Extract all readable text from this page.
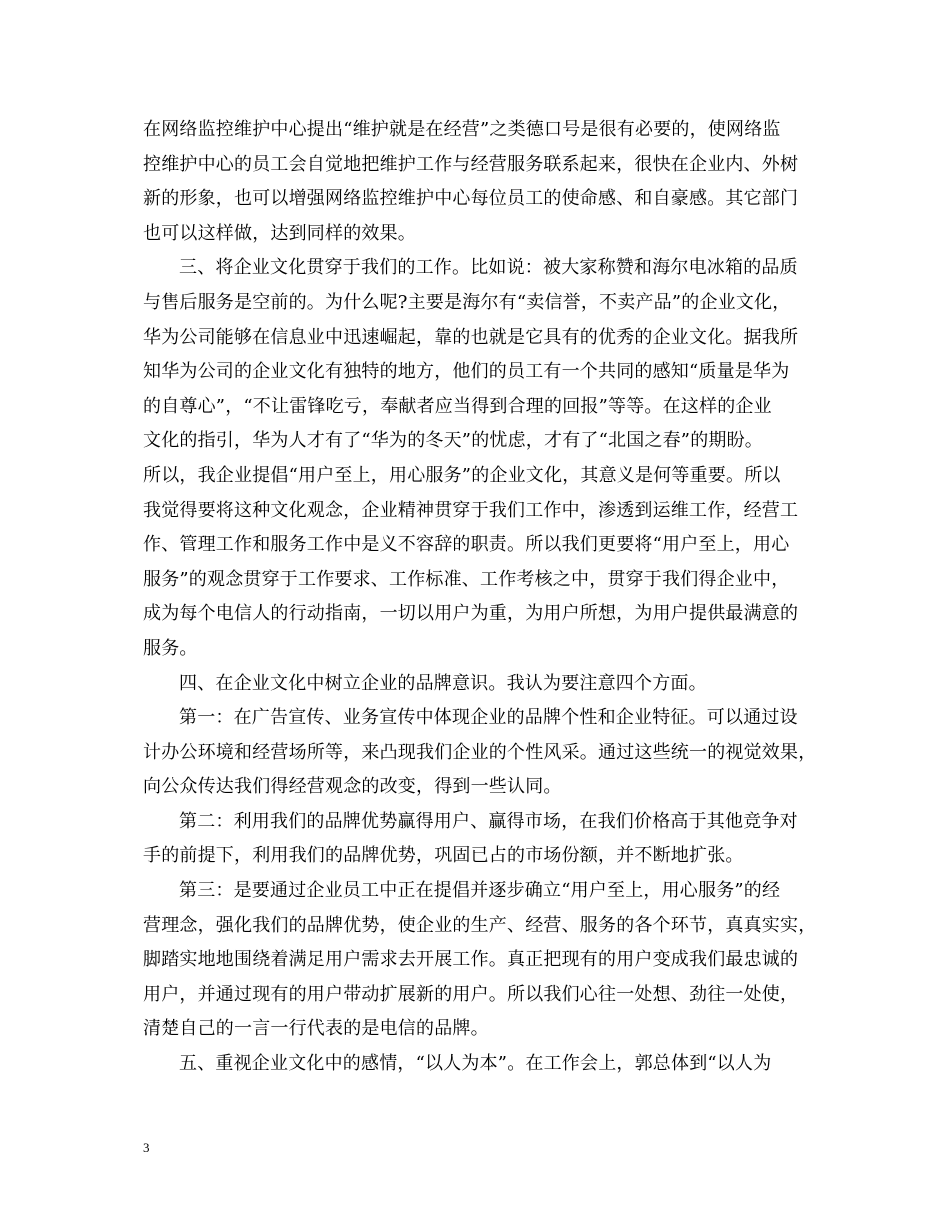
在网络监控维护中心提出“维护就是在经营”之类德口号是很有必要的，使网络监
控维护中心的员工会自觉地把维护工作与经营服务联系起来，很快在企业内、外树
新的形象，也可以增强网络监控维护中心每位员工的使命感、和自豪感。其它部门
也可以这样做，达到同样的效果。
三、将企业文化贯穿于我们的工作。比如说：被大家称赞和海尔电冰箱的品质
与售后服务是空前的。为什么呢?主要是海尔有“卖信誉，不卖产品”的企业文化，
华为公司能够在信息业中迅速崛起，靠的也就是它具有的优秀的企业文化。据我所
知华为公司的企业文化有独特的地方，他们的员工有一个共同的感知“质量是华为
的自尊心”，“不让雷锋吃亏，奉献者应当得到合理的回报”等等。在这样的企业
文化的指引，华为人才有了“华为的冬天”的忧虑，才有了“北国之春”的期盼。
所以，我企业提倡“用户至上，用心服务”的企业文化，其意义是何等重要。所以
我觉得要将这种文化观念，企业精神贯穿于我们工作中，渗透到运维工作，经营工
作、管理工作和服务工作中是义不容辞的职责。所以我们更要将“用户至上，用心
服务”的观念贯穿于工作要求、工作标准、工作考核之中，贯穿于我们得企业中，
成为每个电信人的行动指南，一切以用户为重，为用户所想，为用户提供最满意的
服务。
四、在企业文化中树立企业的品牌意识。我认为要注意四个方面。
第一：在广告宣传、业务宣传中体现企业的品牌个性和企业特征。可以通过设
计办公环境和经营场所等，来凸现我们企业的个性风采。通过这些统一的视觉效果，
向公众传达我们得经营观念的改变，得到一些认同。
第二：利用我们的品牌优势赢得用户、赢得市场，在我们价格高于其他竞争对
手的前提下，利用我们的品牌优势，巩固已占的市场份额，并不断地扩张。
第三：是要通过企业员工中正在提倡并逐步确立“用户至上，用心服务”的经
营理念，强化我们的品牌优势，使企业的生产、经营、服务的各个环节，真真实实，
脚踏实地地围绕着满足用户需求去开展工作。真正把现有的用户变成我们最忠诚的
用户，并通过现有的用户带动扩展新的用户。所以我们心往一处想、劲往一处使，
清楚自己的一言一行代表的是电信的品牌。
五、重视企业文化中的感情，“以人为本”。在工作会上，郭总体到“以人为
3
